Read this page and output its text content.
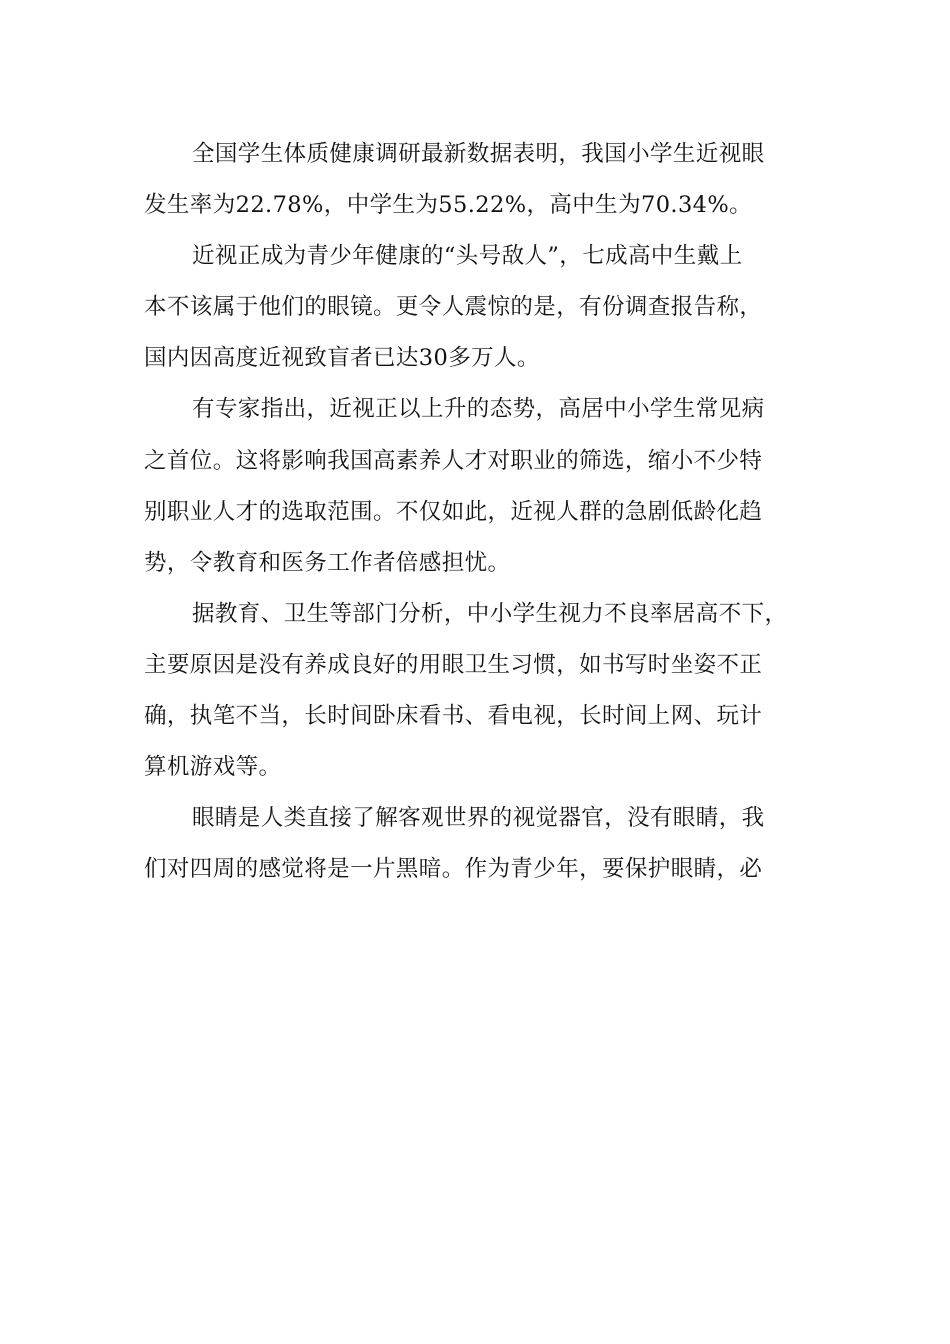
全国学生体质健康调研最新数据表明，我国小学生近视眼
发生率为22.78%，中学生为55.22%，高中生为70.34%。
近视正成为青少年健康的“头号敌人”，七成高中生戴上
本不该属于他们的眼镜。更令人震惊的是，有份调查报告称，
国内因高度近视致盲者已达30多万人。
有专家指出，近视正以上升的态势，高居中小学生常见病
之首位。这将影响我国高素养人才对职业的筛选，缩小不少特
别职业人才的选取范围。不仅如此，近视人群的急剧低龄化趋
势，令教育和医务工作者倍感担忧。
据教育、卫生等部门分析，中小学生视力不良率居高不下，
主要原因是没有养成良好的用眼卫生习惯，如书写时坐姿不正
确，执笔不当，长时间卧床看书、看电视，长时间上网、玩计
算机游戏等。
眼睛是人类直接了解客观世界的视觉器官，没有眼睛，我
们对四周的感觉将是一片黑暗。作为青少年，要保护眼睛，必
